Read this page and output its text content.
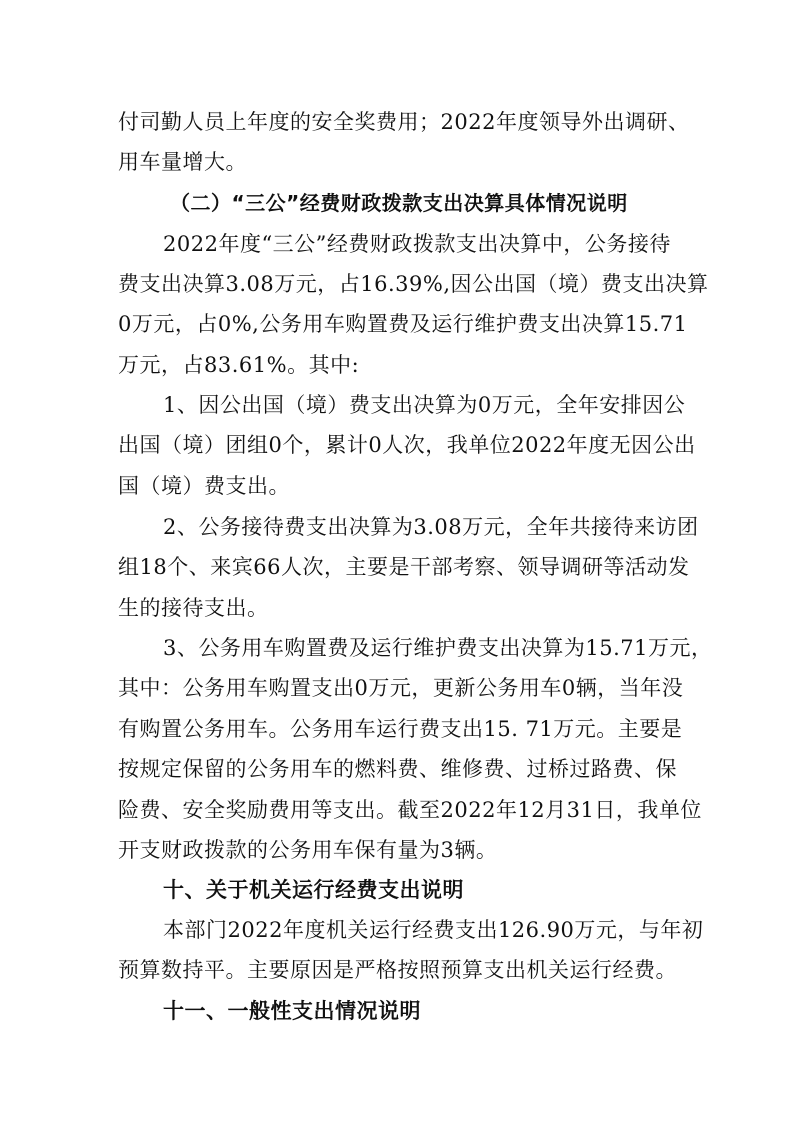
付司勤人员上年度的安全奖费用；2022年度领导外出调研、
用车量增大。
（二）“三公”经费财政拨款支出决算具体情况说明
2022年度“三公”经费财政拨款支出决算中，公务接待
费支出决算3.08万元，占16.39%,因公出国（境）费支出决算
0万元，占0%,公务用车购置费及运行维护费支出决算15.71
万元，占83.61%。其中:
1、因公出国（境）费支出决算为0万元，全年安排因公
出国（境）团组0个，累计0人次，我单位2022年度无因公出
国（境）费支出。
2、公务接待费支出决算为3.08万元，全年共接待来访团
组18个、来宾66人次，主要是干部考察、领导调研等活动发
生的接待支出。
3、公务用车购置费及运行维护费支出决算为15.71万元，
其中：公务用车购置支出0万元，更新公务用车0辆，当年没
有购置公务用车。公务用车运行费支出15. 71万元。主要是
按规定保留的公务用车的燃料费、维修费、过桥过路费、保
险费、安全奖励费用等支出。截至2022年12月31日，我单位
开支财政拨款的公务用车保有量为3辆。
十、关于机关运行经费支出说明
本部门2022年度机关运行经费支出126.90万元，与年初
预算数持平。主要原因是严格按照预算支出机关运行经费。
十一、一般性支出情况说明
